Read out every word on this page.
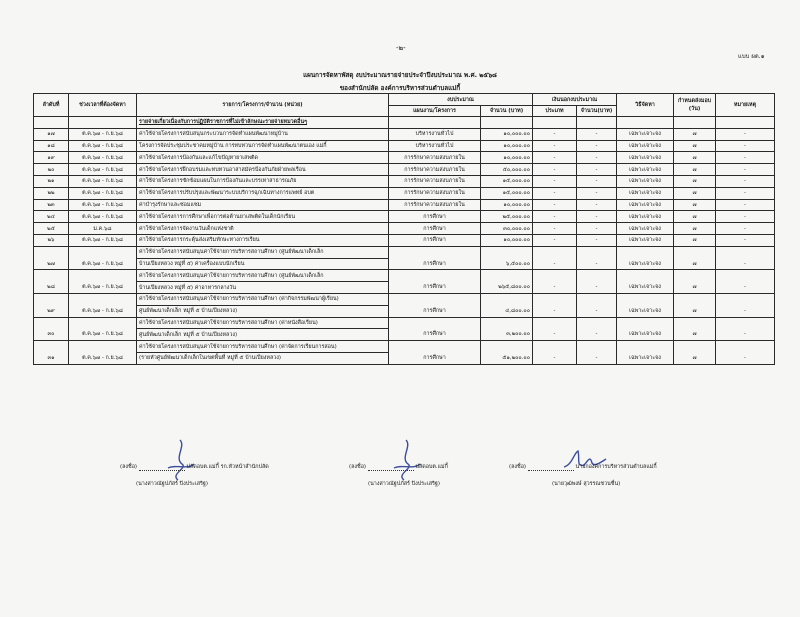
-๒-
แบบ ผด.๑
แผนการจัดหาพัสดุ งบประมาณรายจ่ายประจำปีงบประมาณ พ.ศ. ๒๕๖๘
ของสำนักปลัด องค์การบริหารส่วนตำบลแม่กี้
ลำดับที่	ช่วงเวลาที่ต้องจัดหา	รายการ/โครงการ/จำนวน (หน่วย)	งบประมาณ		เงินนอกงบประมาณ		วิธีจัดหา	กำหนดส่งมอบ (วัน)	หมายเหตุ
			แผนงาน/โครงการ	จำนวน (บาท)	ประเภท	จำนวน(บาท)			
		รายจ่ายเกี่ยวเนื่องกับการปฏิบัติราชการที่ไม่เข้าลักษณะรายจ่ายหมวดอื่นๆ							
๑๗	ต.ค.๖๗ - ก.ย.๖๘	ค่าใช้จ่ายโครงการสนับสนุนกระบวนการจัดทำแผนพัฒนาหมู่บ้าน	บริหารงานทั่วไป	๑๐,๐๐๐.๐๐	-	-	เฉพาะเจาะจง	๗	-
๑๘	ต.ค.๖๗ - ก.ย.๖๘	โครงการจัดประชุมประชาคมหมู่บ้าน การทบทวนการจัดทำแผนพัฒนาตนเอง แม่กี้	บริหารงานทั่วไป	๑๐,๐๐๐.๐๐	-	-	เฉพาะเจาะจง	๗	-
๑๙	ต.ค.๖๗ - ก.ย.๖๘	ค่าใช้จ่ายโครงการป้องกันและแก้ไขปัญหายาเสพติด	การรักษาความสงบภายใน	๑๐,๐๐๐.๐๐	-	-	เฉพาะเจาะจง	๗	-
๒๐	ต.ค.๖๗ - ก.ย.๖๘	ค่าใช้จ่ายโครงการฝึกอบรมและทบทวนอาสาสมัครป้องกันภัยฝ่ายพลเรือน	การรักษาความสงบภายใน	๕๐,๐๐๐.๐๐	-	-	เฉพาะเจาะจง	๗	-
๒๑	ต.ค.๖๗ - ก.ย.๖๘	ค่าใช้จ่ายโครงการซักซ้อมแผนในการป้องกันและบรรเทาสาธารณภัย	การรักษาความสงบภายใน	๑๕,๐๐๐.๐๐	-	-	เฉพาะเจาะจง	๗	-
๒๒	ต.ค.๖๗ - ก.ย.๖๘	ค่าใช้จ่ายโครงการปรับปรุงและพัฒนาระบบบริการฉุกเฉินทางการแพทย์ อบต	การรักษาความสงบภายใน	๑๕,๐๐๐.๐๐	-	-	เฉพาะเจาะจง	๗	-
๒๓	ต.ค.๖๗ - ก.ย.๖๘	ค่าบำรุงรักษาและซ่อมแซม	การรักษาความสงบภายใน	๑๐,๐๐๐.๐๐	-	-	เฉพาะเจาะจง	๗	-
๒๔	ต.ค.๖๗ - ก.ย.๖๘	ค่าใช้จ่ายโครงการการศึกษาเพื่อการต่อต้านยาเสพติดในเด็กนักเรียน	การศึกษา	๒๕,๐๐๐.๐๐	-	-	เฉพาะเจาะจง	๗	-
๒๕	ม.ค.๖๘	ค่าใช้จ่ายโครงการจัดงานวันเด็กแห่งชาติ	การศึกษา	๓๐,๐๐๐.๐๐	-	-	เฉพาะเจาะจง	๗	-
๒๖	ต.ค.๖๗ - ก.ย.๖๘	ค่าใช้จ่ายโครงการกระตุ้นส่งเสริมทักษะทางการเรียน	การศึกษา	๑๐,๐๐๐.๐๐	-	-	เฉพาะเจาะจง	๗	-
		ค่าใช้จ่ายโครงการสนับสนุนค่าใช้จ่ายการบริหารสถานศึกษา (ศูนย์พัฒนาเด็กเล็ก							
๒๗	ต.ค.๖๗ - ก.ย.๖๘	บ้านเปียงหลวง หมู่ที่ ๕) ค่าเครื่องแบบนักเรียน	การศึกษา	๖,๕๐๐.๐๐	-	-	เฉพาะเจาะจง	๗	-
		ค่าใช้จ่ายโครงการสนับสนุนค่าใช้จ่ายการบริหารสถานศึกษา (ศูนย์พัฒนาเด็กเล็ก							
๒๘	ต.ค.๖๗ - ก.ย.๖๘	บ้านเปียงหลวง หมู่ที่ ๕) ค่าอาหารกลางวัน	การศึกษา	๒๖๕,๘๐๐.๐๐	-	-	เฉพาะเจาะจง	๗	-
		ค่าใช้จ่ายโครงการสนับสนุนค่าใช้จ่ายการบริหารสถานศึกษา (ค่ากิจกรรมพัฒนาผู้เรียน)							
๒๙	ต.ค.๖๗ - ก.ย.๖๘	ศูนย์พัฒนาเด็กเล็ก หมู่ที่ ๕ บ้านเปียงหลวง)	การศึกษา	๔,๘๐๐.๐๐	-	-	เฉพาะเจาะจง	๗	-
		ค่าใช้จ่ายโครงการสนับสนุนค่าใช้จ่ายการบริหารสถานศึกษา (ค่าหนังสือเรียน)							
๓๐	ต.ค.๖๗ - ก.ย.๖๘	ศูนย์พัฒนาเด็กเล็ก หมู่ที่ ๕ บ้านเปียงหลวง)	การศึกษา	๓,๒๐๐.๐๐	-	-	เฉพาะเจาะจง	๗	-
		ค่าใช้จ่ายโครงการสนับสนุนค่าใช้จ่ายการบริหารสถานศึกษา (ค่าจัดการเรียนการสอน)							
๓๑	ต.ค.๖๗ - ก.ย.๖๘	(รายหัวศูนย์พัฒนาเด็กเล็กในเขตพื้นที่ หมู่ที่ ๕ บ้านเปียงหลวง)	การศึกษา	๕๑,๒๐๐.๐๐	-	-	เฉพาะเจาะจง	๗	-
(ลงชื่อ)	ปลัดอบต.แม่กี้ รก.หัวหน้าสำนักปลัด
(นางสาวณัฐปภัสร์ ปิงประเสริฐ)
(ลงชื่อ)	ปลัดอบต.แม่กี้
(นางสาวณัฐปภัสร์ ปิงประเสริฐ)
(ลงชื่อ)	นายกองค์การบริหารส่วนตำบลแม่กี้
(นายวุฒิพงษ์ สุวรรณชวนชื่น)
